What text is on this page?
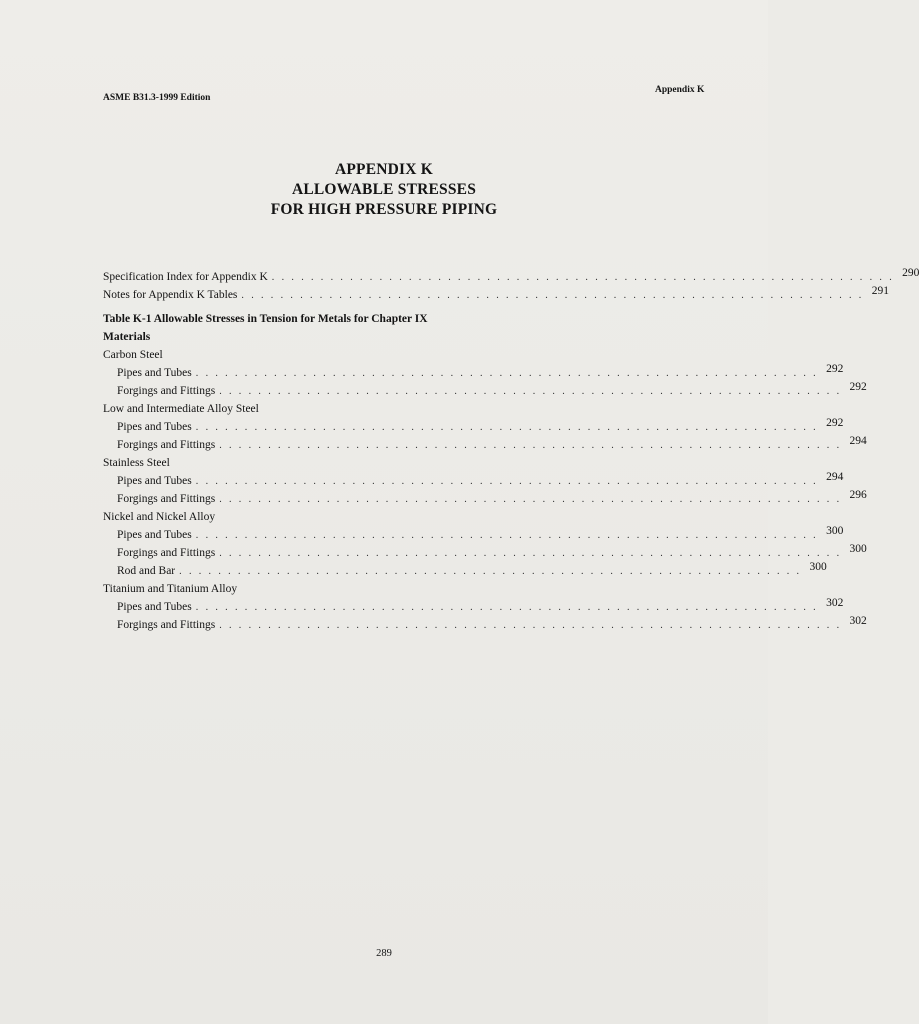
ASME B31.3-1999 Edition
Appendix K
APPENDIX K
ALLOWABLE STRESSES
FOR HIGH PRESSURE PIPING
Specification Index for Appendix K . . . . . . . . . . . . . . . . . . . . . . . . . . . . . . . . . . . . . . . . . . . . . . . . . . . . . . . . . . . . . . . . 290
Notes for Appendix K Tables . . . . . . . . . . . . . . . . . . . . . . . . . . . . . . . . . . . . . . . . . . . . . . . . . . . . . . . . . . . . . . . . 291
Table K-1 Allowable Stresses in Tension for Metals for Chapter IX
Materials
Carbon Steel
Pipes and Tubes . . . . . . . . . . . . . . . . . . . . . . . . . . . . . . . . . . . . . . . . . . . . . . . . . . . . . . . . . . . . . . . . 292
Forgings and Fittings . . . . . . . . . . . . . . . . . . . . . . . . . . . . . . . . . . . . . . . . . . . . . . . . . . . . . . . . . . . . . . . . 292
Low and Intermediate Alloy Steel
Pipes and Tubes . . . . . . . . . . . . . . . . . . . . . . . . . . . . . . . . . . . . . . . . . . . . . . . . . . . . . . . . . . . . . . . . 292
Forgings and Fittings . . . . . . . . . . . . . . . . . . . . . . . . . . . . . . . . . . . . . . . . . . . . . . . . . . . . . . . . . . . . . . . . 294
Stainless Steel
Pipes and Tubes . . . . . . . . . . . . . . . . . . . . . . . . . . . . . . . . . . . . . . . . . . . . . . . . . . . . . . . . . . . . . . . . 294
Forgings and Fittings . . . . . . . . . . . . . . . . . . . . . . . . . . . . . . . . . . . . . . . . . . . . . . . . . . . . . . . . . . . . . . . . 296
Nickel and Nickel Alloy
Pipes and Tubes . . . . . . . . . . . . . . . . . . . . . . . . . . . . . . . . . . . . . . . . . . . . . . . . . . . . . . . . . . . . . . . . 300
Forgings and Fittings . . . . . . . . . . . . . . . . . . . . . . . . . . . . . . . . . . . . . . . . . . . . . . . . . . . . . . . . . . . . . . . . 300
Rod and Bar . . . . . . . . . . . . . . . . . . . . . . . . . . . . . . . . . . . . . . . . . . . . . . . . . . . . . . . . . . . . . . . . 300
Titanium and Titanium Alloy
Pipes and Tubes . . . . . . . . . . . . . . . . . . . . . . . . . . . . . . . . . . . . . . . . . . . . . . . . . . . . . . . . . . . . . . . . 302
Forgings and Fittings . . . . . . . . . . . . . . . . . . . . . . . . . . . . . . . . . . . . . . . . . . . . . . . . . . . . . . . . . . . . . . . . 302
289
